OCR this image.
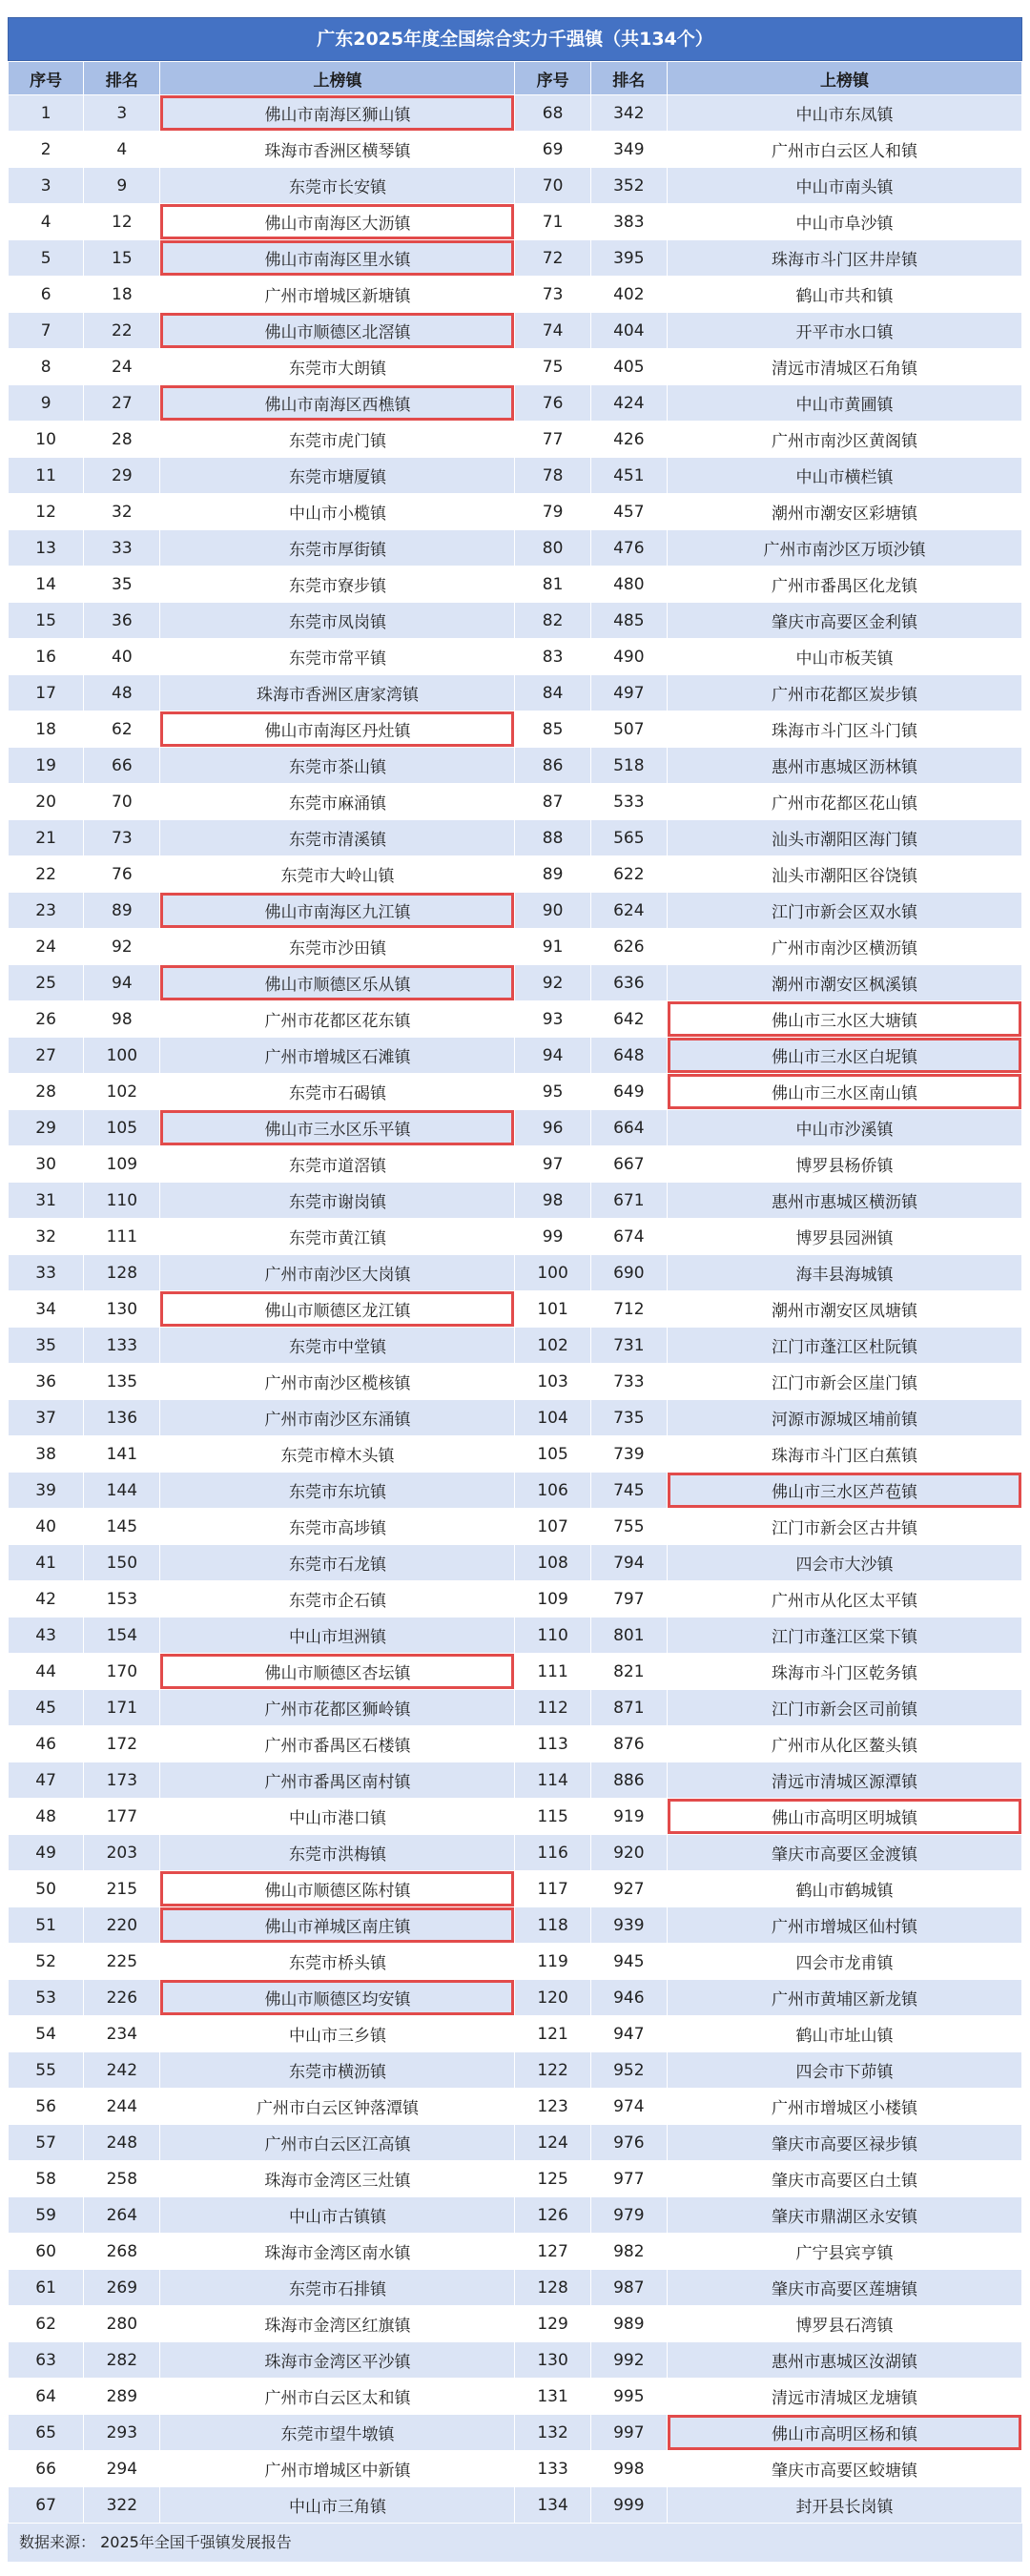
广东2025年度全国综合实力千强镇（共134个）
序号	排名	上榜镇	序号	排名	上榜镇
1	3	佛山市南海区狮山镇	68	342	中山市东凤镇
2	4	珠海市香洲区横琴镇	69	349	广州市白云区人和镇
3	9	东莞市长安镇	70	352	中山市南头镇
4	12	佛山市南海区大沥镇	71	383	中山市阜沙镇
5	15	佛山市南海区里水镇	72	395	珠海市斗门区井岸镇
6	18	广州市增城区新塘镇	73	402	鹤山市共和镇
7	22	佛山市顺德区北滘镇	74	404	开平市水口镇
8	24	东莞市大朗镇	75	405	清远市清城区石角镇
9	27	佛山市南海区西樵镇	76	424	中山市黄圃镇
10	28	东莞市虎门镇	77	426	广州市南沙区黄阁镇
11	29	东莞市塘厦镇	78	451	中山市横栏镇
12	32	中山市小榄镇	79	457	潮州市潮安区彩塘镇
13	33	东莞市厚街镇	80	476	广州市南沙区万顷沙镇
14	35	东莞市寮步镇	81	480	广州市番禺区化龙镇
15	36	东莞市凤岗镇	82	485	肇庆市高要区金利镇
16	40	东莞市常平镇	83	490	中山市板芙镇
17	48	珠海市香洲区唐家湾镇	84	497	广州市花都区炭步镇
18	62	佛山市南海区丹灶镇	85	507	珠海市斗门区斗门镇
19	66	东莞市茶山镇	86	518	惠州市惠城区沥林镇
20	70	东莞市麻涌镇	87	533	广州市花都区花山镇
21	73	东莞市清溪镇	88	565	汕头市潮阳区海门镇
22	76	东莞市大岭山镇	89	622	汕头市潮阳区谷饶镇
23	89	佛山市南海区九江镇	90	624	江门市新会区双水镇
24	92	东莞市沙田镇	91	626	广州市南沙区横沥镇
25	94	佛山市顺德区乐从镇	92	636	潮州市潮安区枫溪镇
26	98	广州市花都区花东镇	93	642	佛山市三水区大塘镇
27	100	广州市增城区石滩镇	94	648	佛山市三水区白坭镇
28	102	东莞市石碣镇	95	649	佛山市三水区南山镇
29	105	佛山市三水区乐平镇	96	664	中山市沙溪镇
30	109	东莞市道滘镇	97	667	博罗县杨侨镇
31	110	东莞市谢岗镇	98	671	惠州市惠城区横沥镇
32	111	东莞市黄江镇	99	674	博罗县园洲镇
33	128	广州市南沙区大岗镇	100	690	海丰县海城镇
34	130	佛山市顺德区龙江镇	101	712	潮州市潮安区凤塘镇
35	133	东莞市中堂镇	102	731	江门市蓬江区杜阮镇
36	135	广州市南沙区榄核镇	103	733	江门市新会区崖门镇
37	136	广州市南沙区东涌镇	104	735	河源市源城区埔前镇
38	141	东莞市樟木头镇	105	739	珠海市斗门区白蕉镇
39	144	东莞市东坑镇	106	745	佛山市三水区芦苞镇
40	145	东莞市高埗镇	107	755	江门市新会区古井镇
41	150	东莞市石龙镇	108	794	四会市大沙镇
42	153	东莞市企石镇	109	797	广州市从化区太平镇
43	154	中山市坦洲镇	110	801	江门市蓬江区棠下镇
44	170	佛山市顺德区杏坛镇	111	821	珠海市斗门区乾务镇
45	171	广州市花都区狮岭镇	112	871	江门市新会区司前镇
46	172	广州市番禺区石楼镇	113	876	广州市从化区鳌头镇
47	173	广州市番禺区南村镇	114	886	清远市清城区源潭镇
48	177	中山市港口镇	115	919	佛山市高明区明城镇
49	203	东莞市洪梅镇	116	920	肇庆市高要区金渡镇
50	215	佛山市顺德区陈村镇	117	927	鹤山市鹤城镇
51	220	佛山市禅城区南庄镇	118	939	广州市增城区仙村镇
52	225	东莞市桥头镇	119	945	四会市龙甫镇
53	226	佛山市顺德区均安镇	120	946	广州市黄埔区新龙镇
54	234	中山市三乡镇	121	947	鹤山市址山镇
55	242	东莞市横沥镇	122	952	四会市下茆镇
56	244	广州市白云区钟落潭镇	123	974	广州市增城区小楼镇
57	248	广州市白云区江高镇	124	976	肇庆市高要区禄步镇
58	258	珠海市金湾区三灶镇	125	977	肇庆市高要区白土镇
59	264	中山市古镇镇	126	979	肇庆市鼎湖区永安镇
60	268	珠海市金湾区南水镇	127	982	广宁县宾亨镇
61	269	东莞市石排镇	128	987	肇庆市高要区莲塘镇
62	280	珠海市金湾区红旗镇	129	989	博罗县石湾镇
63	282	珠海市金湾区平沙镇	130	992	惠州市惠城区汝湖镇
64	289	广州市白云区太和镇	131	995	清远市清城区龙塘镇
65	293	东莞市望牛墩镇	132	997	佛山市高明区杨和镇
66	294	广州市增城区中新镇	133	998	肇庆市高要区蛟塘镇
67	322	中山市三角镇	134	999	封开县长岗镇
数据来源： 2025年全国千强镇发展报告
